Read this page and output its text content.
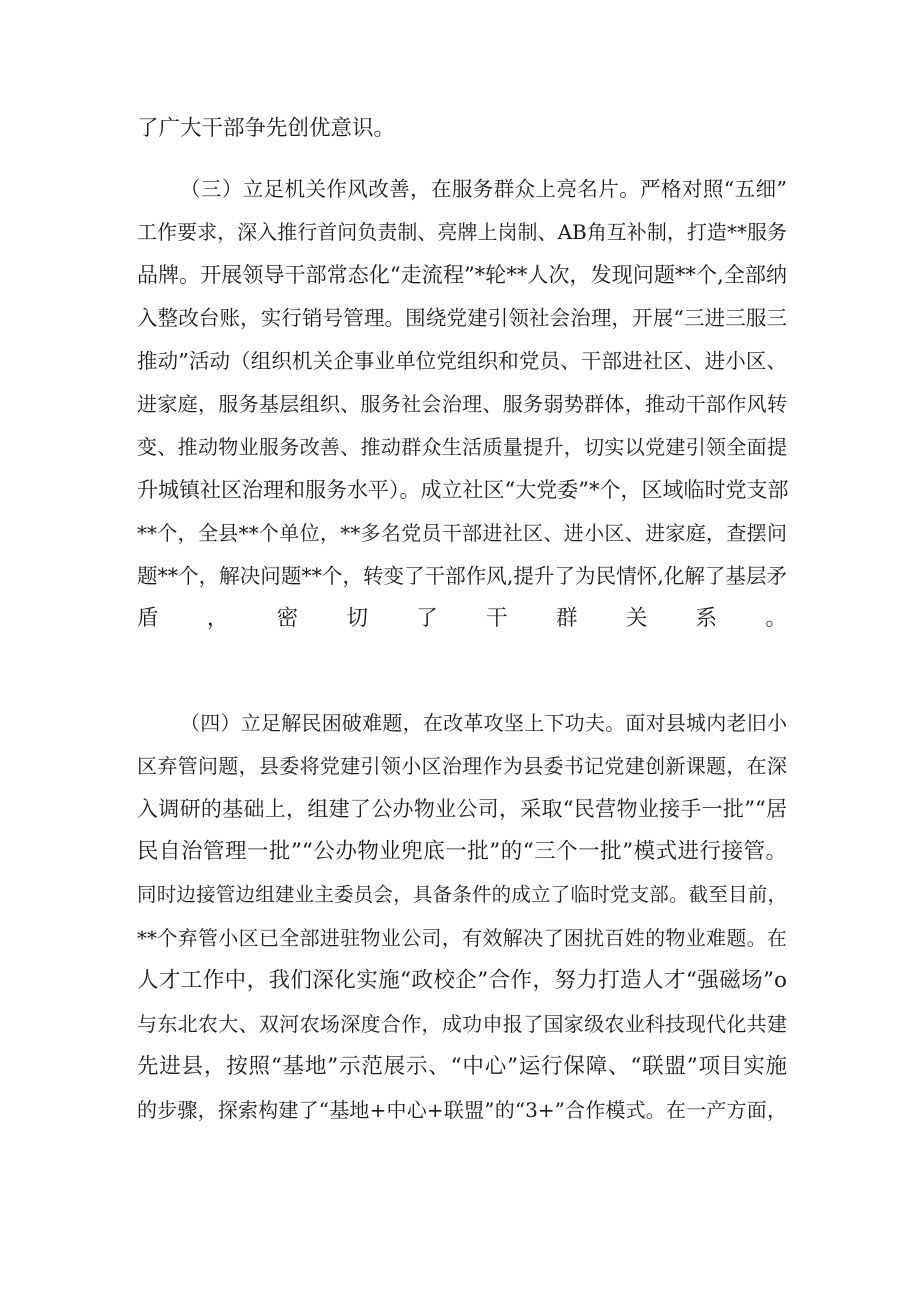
了广大干部争先创优意识。
（三）立足机关作风改善，在服务群众上亮名片。严格对照“五细”
工作要求，深入推行首问负责制、亮牌上岗制、AB角互补制，打造**服务
品牌。开展领导干部常态化“走流程”*轮**人次，发现问题**个,全部纳
入整改台账，实行销号管理。围绕党建引领社会治理，开展“三进三服三
推动”活动（组织机关企事业单位党组织和党员、干部进社区、进小区、
进家庭，服务基层组织、服务社会治理、服务弱势群体，推动干部作风转
变、推动物业服务改善、推动群众生活质量提升，切实以党建引领全面提
升城镇社区治理和服务水平）。成立社区“大党委”*个，区域临时党支部
**个，全县**个单位，**多名党员干部进社区、进小区、进家庭，查摆问
题**个，解决问题**个，转变了干部作风,提升了为民情怀,化解了基层矛
盾，密切了干群关系。
（四）立足解民困破难题，在改革攻坚上下功夫。面对县城内老旧小
区弃管问题，县委将党建引领小区治理作为县委书记党建创新课题，在深
入调研的基础上，组建了公办物业公司，采取“民营物业接手一批”“居
民自治管理一批”“公办物业兜底一批”的“三个一批”模式进行接管。
同时边接管边组建业主委员会，具备条件的成立了临时党支部。截至目前，
**个弃管小区已全部进驻物业公司，有效解决了困扰百姓的物业难题。在
人才工作中，我们深化实施“政校企”合作，努力打造人才“强磁场”o
与东北农大、双河农场深度合作，成功申报了国家级农业科技现代化共建
先进县，按照“基地”示范展示、“中心”运行保障、“联盟”项目实施
的步骤，探索构建了“基地+中心+联盟”的“3+”合作模式。在一产方面，
